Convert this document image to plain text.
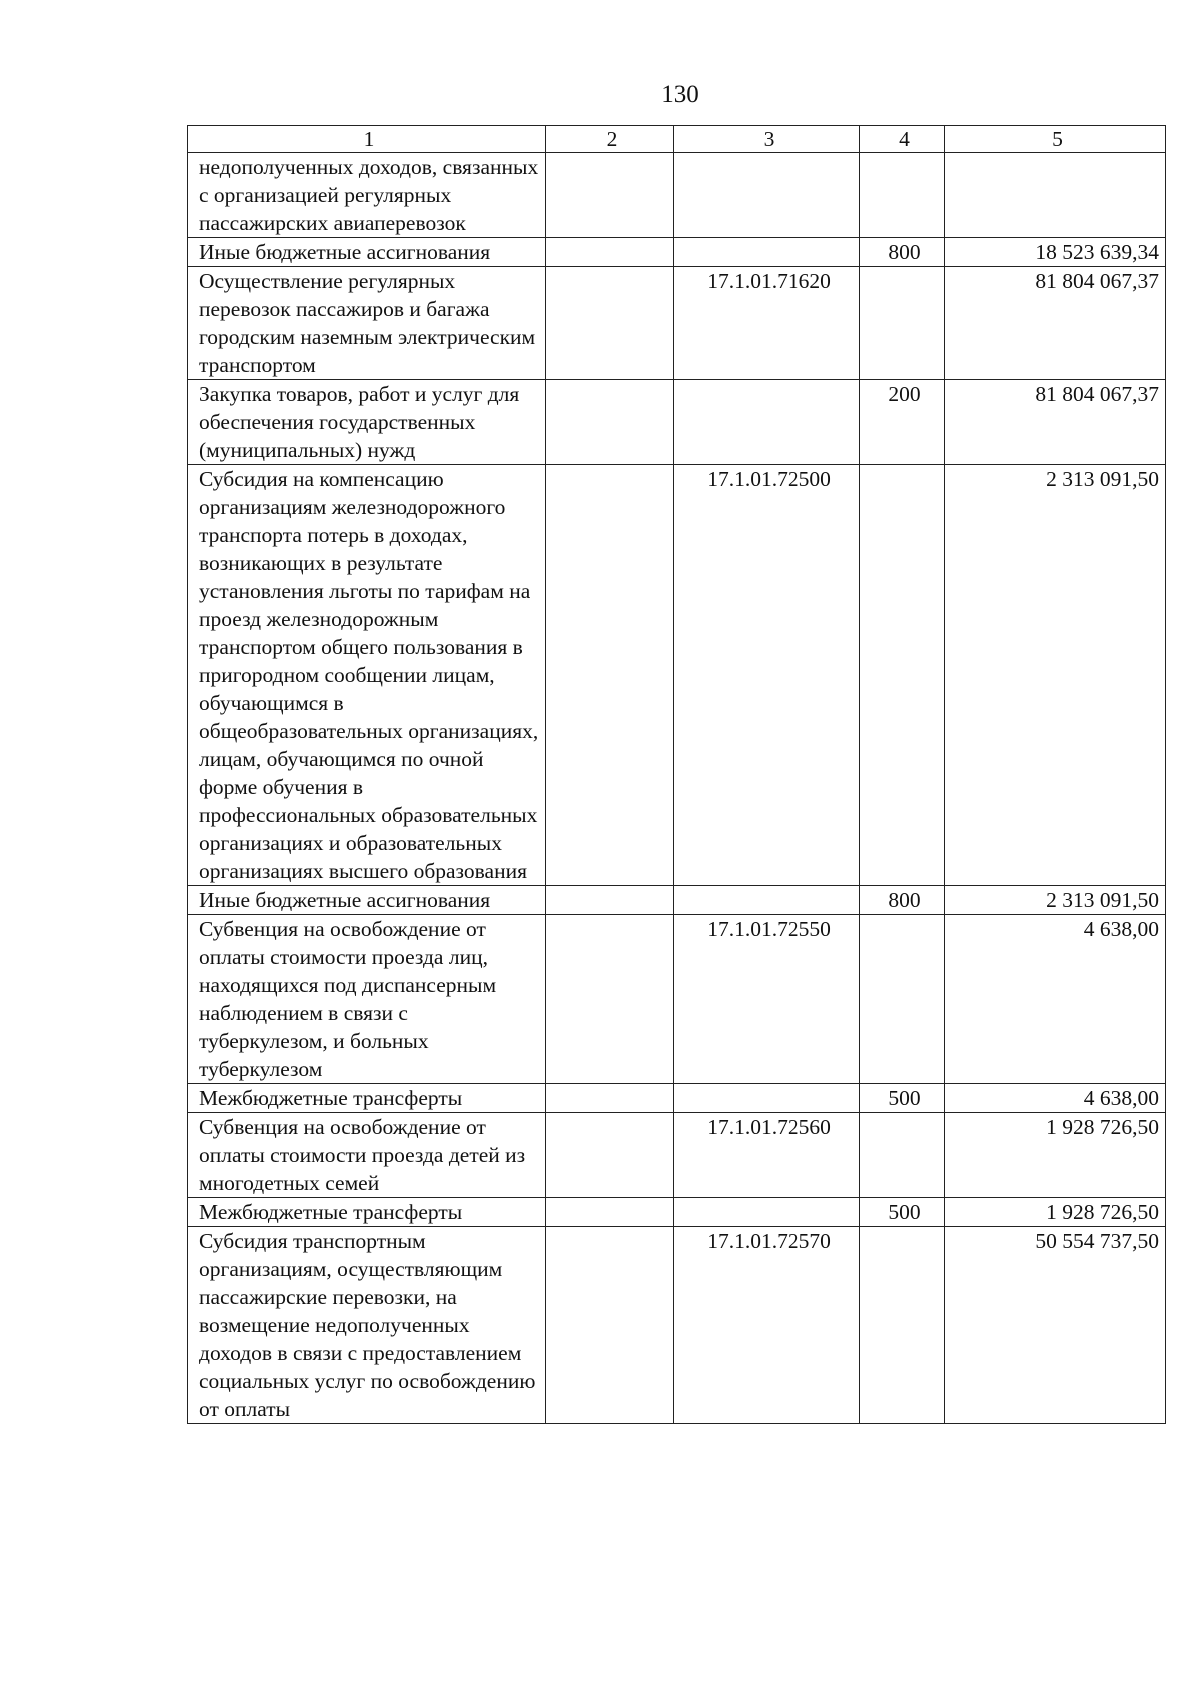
130
1	2	3	4	5
недополученных доходов, связанных с организацией регулярных пассажирских авиаперевозок				
Иные бюджетные ассигнования			800	18 523 639,34
Осуществление регулярных перевозок пассажиров и багажа городским наземным электрическим транспортом		17.1.01.71620		81 804 067,37
Закупка товаров, работ и услуг для обеспечения государственных (муниципальных) нужд			200	81 804 067,37
Субсидия на компенсацию организациям железнодорожного транспорта потерь в доходах, возникающих в результате установления льготы по тарифам на проезд железнодорожным транспортом общего пользования в пригородном сообщении лицам, обучающимся в общеобразовательных организациях, лицам, обучающимся по очной форме обучения в профессиональных образовательных организациях и образовательных организациях высшего образования		17.1.01.72500		2 313 091,50
Иные бюджетные ассигнования			800	2 313 091,50
Субвенция на освобождение от оплаты стоимости проезда лиц, находящихся под диспансерным наблюдением в связи с туберкулезом, и больных туберкулезом		17.1.01.72550		4 638,00
Межбюджетные трансферты			500	4 638,00
Субвенция на освобождение от оплаты стоимости проезда детей из многодетных семей		17.1.01.72560		1 928 726,50
Межбюджетные трансферты			500	1 928 726,50
Субсидия транспортным организациям, осуществляющим пассажирские перевозки, на возмещение недополученных доходов в связи с предоставлением социальных услуг по освобождению от оплаты		17.1.01.72570		50 554 737,50
